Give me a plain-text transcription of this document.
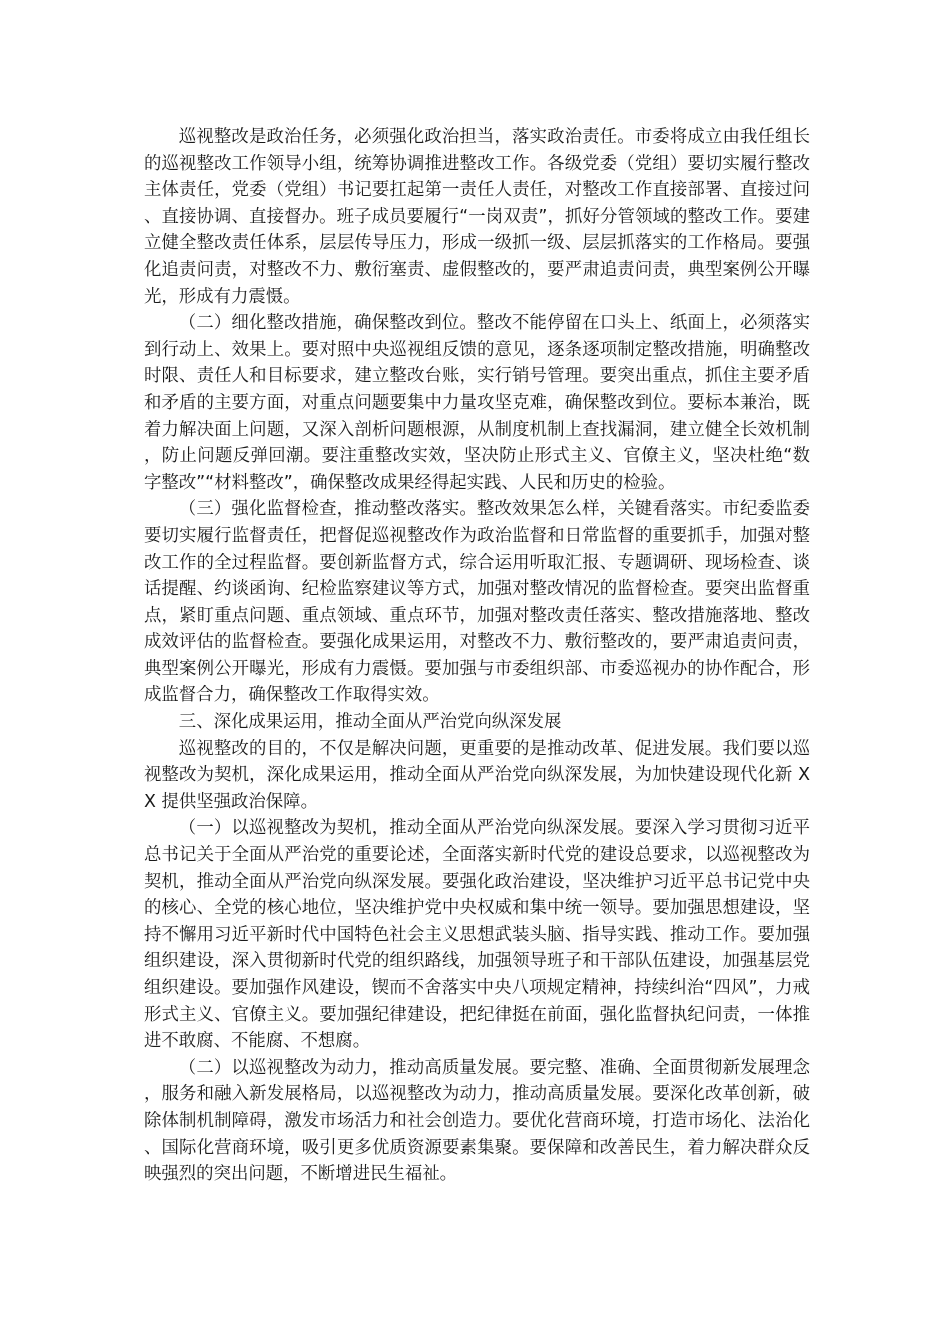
巡视整改是政治任务，必须强化政治担当，落实政治责任。市委将成立由我任组长的巡视整改工作领导小组，统筹协调推进整改工作。各级党委（党组）要切实履行整改主体责任，党委（党组）书记要扛起第一责任人责任，对整改工作直接部署、直接过问、直接协调、直接督办。班子成员要履行“一岗双责”，抓好分管领域的整改工作。要建立健全整改责任体系，层层传导压力，形成一级抓一级、层层抓落实的工作格局。要强化追责问责，对整改不力、敷衍塞责、虚假整改的，要严肃追责问责，典型案例公开曝光，形成有力震慑。

（二）细化整改措施，确保整改到位。整改不能停留在口头上、纸面上，必须落实到行动上、效果上。要对照中央巡视组反馈的意见，逐条逐项制定整改措施，明确整改时限、责任人和目标要求，建立整改台账，实行销号管理。要突出重点，抓住主要矛盾和矛盾的主要方面，对重点问题要集中力量攻坚克难，确保整改到位。要标本兼治，既着力解决面上问题，又深入剖析问题根源，从制度机制上查找漏洞，建立健全长效机制，防止问题反弹回潮。要注重整改实效，坚决防止形式主义、官僚主义，坚决杜绝“数字整改”“材料整改”，确保整改成果经得起实践、人民和历史的检验。

（三）强化监督检查，推动整改落实。整改效果怎么样，关键看落实。市纪委监委要切实履行监督责任，把督促巡视整改作为政治监督和日常监督的重要抓手，加强对整改工作的全过程监督。要创新监督方式，综合运用听取汇报、专题调研、现场检查、谈话提醒、约谈函询、纪检监察建议等方式，加强对整改情况的监督检查。要突出监督重点，紧盯重点问题、重点领域、重点环节，加强对整改责任落实、整改措施落地、整改成效评估的监督检查。要强化成果运用，对整改不力、敷衍整改的，要严肃追责问责，典型案例公开曝光，形成有力震慑。要加强与市委组织部、市委巡视办的协作配合，形成监督合力，确保整改工作取得实效。

三、深化成果运用，推动全面从严治党向纵深发展

巡视整改的目的，不仅是解决问题，更重要的是推动改革、促进发展。我们要以巡视整改为契机，深化成果运用，推动全面从严治党向纵深发展，为加快建设现代化新 XX 提供坚强政治保障。

（一）以巡视整改为契机，推动全面从严治党向纵深发展。要深入学习贯彻习近平总书记关于全面从严治党的重要论述，全面落实新时代党的建设总要求，以巡视整改为契机，推动全面从严治党向纵深发展。要强化政治建设，坚决维护习近平总书记党中央的核心、全党的核心地位，坚决维护党中央权威和集中统一领导。要加强思想建设，坚持不懈用习近平新时代中国特色社会主义思想武装头脑、指导实践、推动工作。要加强组织建设，深入贯彻新时代党的组织路线，加强领导班子和干部队伍建设，加强基层党组织建设。要加强作风建设，锲而不舍落实中央八项规定精神，持续纠治“四风”，力戒形式主义、官僚主义。要加强纪律建设，把纪律挺在前面，强化监督执纪问责，一体推进不敢腐、不能腐、不想腐。

（二）以巡视整改为动力，推动高质量发展。要完整、准确、全面贯彻新发展理念，服务和融入新发展格局，以巡视整改为动力，推动高质量发展。要深化改革创新，破除体制机制障碍，激发市场活力和社会创造力。要优化营商环境，打造市场化、法治化、国际化营商环境，吸引更多优质资源要素集聚。要保障和改善民生，着力解决群众反映强烈的突出问题，不断增进民生福祉。
